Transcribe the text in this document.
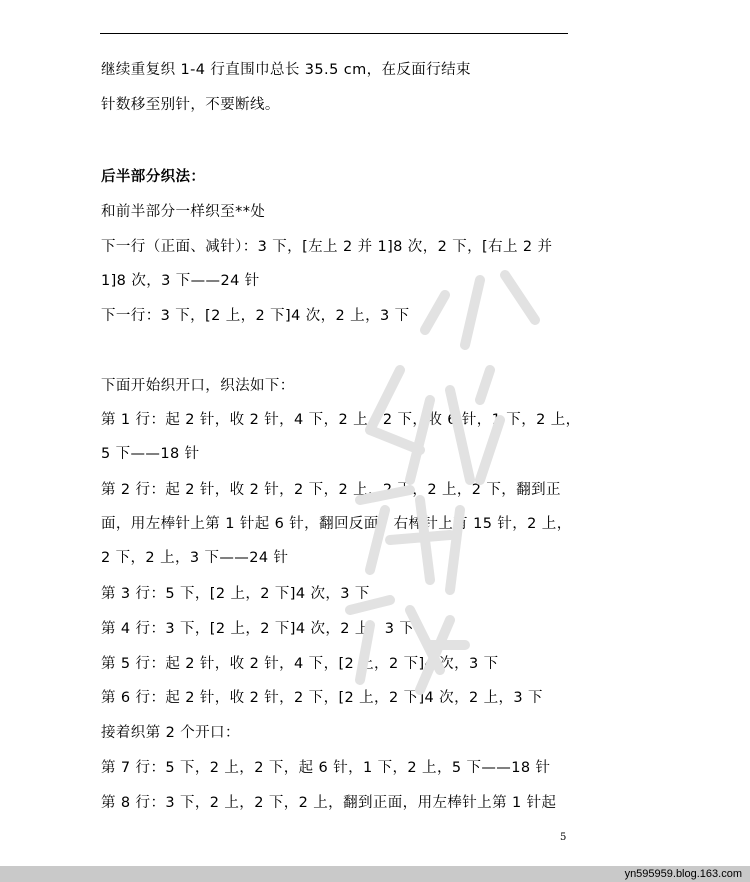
继续重复织 1-4 行直围巾总长 35.5 cm，在反面行结束
针数移至别针，不要断线。
后半部分织法：
和前半部分一样织至**处
下一行（正面、减针）：3 下，[左上 2 并 1]8 次，2 下，[右上 2 并
1]8 次，3 下——24 针
下一行：3 下，[2 上，2 下]4 次，2 上，3 下
下面开始织开口，织法如下：
第 1 行：起 2 针，收 2 针，4 下，2 上，2 下，收 6 针，1 下，2 上，
5 下——18 针
第 2 行：起 2 针，收 2 针，2 下，2 上，2 下，2 上，2 下，翻到正
面，用左棒针上第 1 针起 6 针，翻回反面，右棒针上有 15 针，2 上，
2 下，2 上，3 下——24 针
第 3 行：5 下，[2 上，2 下]4 次，3 下
第 4 行：3 下，[2 上，2 下]4 次，2 上，3 下
第 5 行：起 2 针，收 2 针，4 下，[2 上，2 下]4 次，3 下
第 6 行：起 2 针，收 2 针，2 下，[2 上，2 下]4 次，2 上，3 下
接着织第 2 个开口：
第 7 行：5 下，2 上，2 下，起 6 针，1 下，2 上，5 下——18 针
第 8 行：3 下，2 上，2 下，2 上，翻到正面，用左棒针上第 1 针起
5
yn595959.blog.163.com
